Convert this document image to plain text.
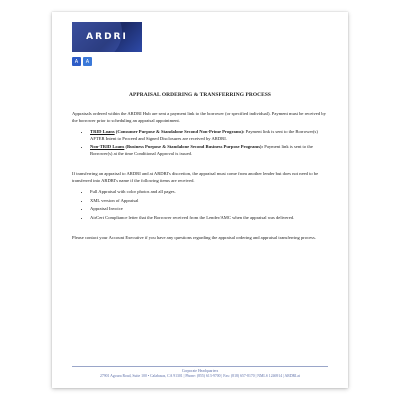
ARDRI
A	A
APPRAISAL ORDERING & TRANSFERRING PROCESS

Appraisals ordered within the ARDRI Hub are sent a payment link to the borrower (or specified individual). Payment must be received by the borrower prior to scheduling an appraisal appointment.

• TRID Loans (Consumer Purpose & Standalone Second Non-Prime Programs): Payment link is sent to the Borrower(s) AFTER Intent to Proceed and Signed Disclosures are received by ARDRI.
• Non-TRID Loans (Business Purpose & Standalone Second Business Purpose Programs): Payment link is sent to the Borrower(s) at the time Conditional Approval is issued.

If transferring an appraisal to ARDRI and at ARDRI's discretion, the appraisal must come from another lender but does not need to be transferred into ARDRI's name if the following items are received.

• Full Appraisal with color photos and all pages.
• XML version of Appraisal
• Appraisal Invoice
• AirCert Compliance letter that the Borrower received from the Lender/AMC when the appraisal was delivered.

Please contact your Account Executive if you have any questions regarding the appraisal ordering and appraisal transferring process.

Corporate Headquarters
27901 Agoura Road, Suite 100 • Calabasas, CA 91301 | Phone: (855) 613-9700 | Fax: (818) 657-8170 | NMLS 1246914 | ARDRI.ai
